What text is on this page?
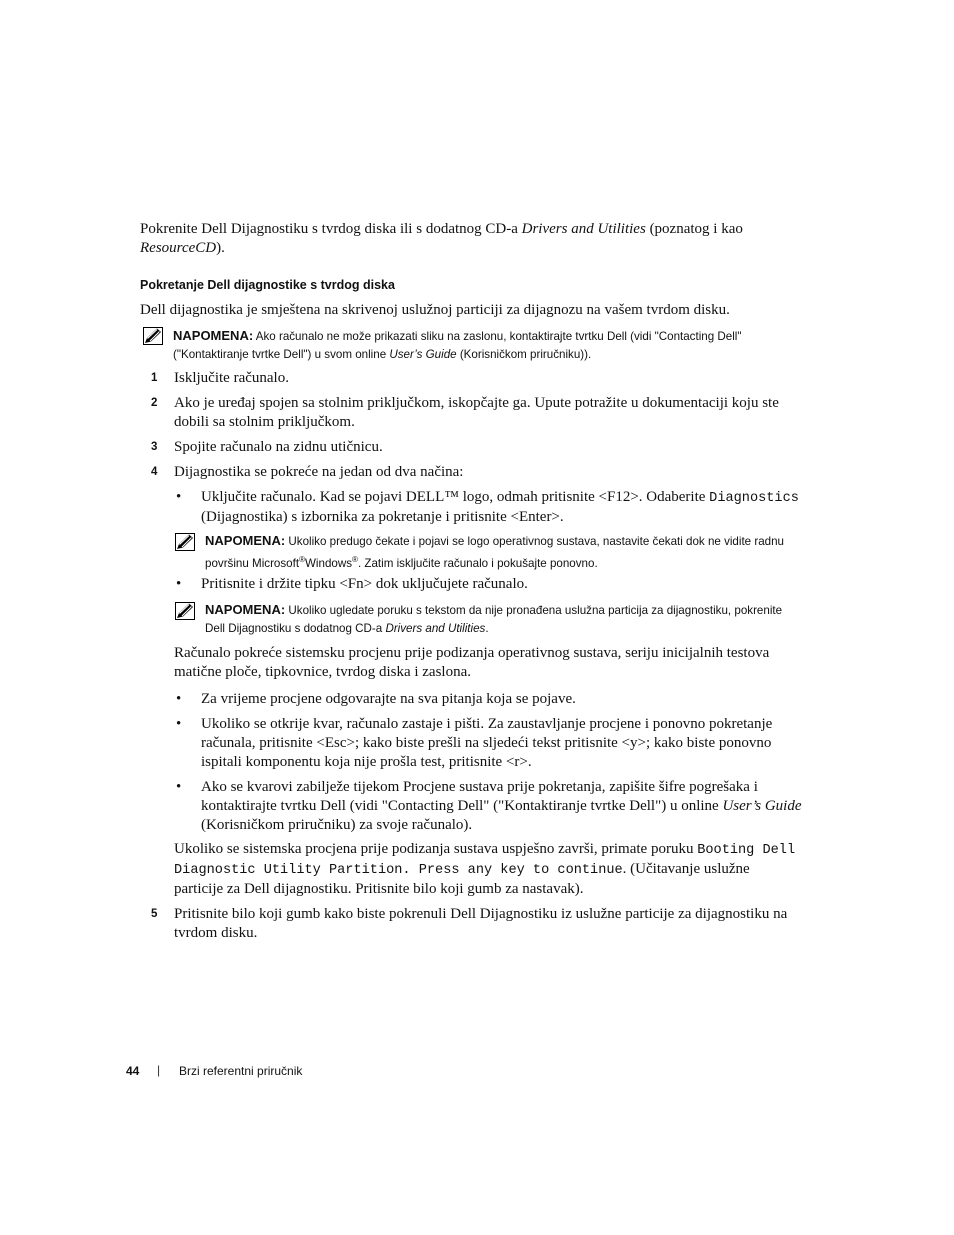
Pokrenite Dell Dijagnostiku s tvrdog diska ili s dodatnog CD-a Drivers and Utilities (poznatog i kao
ResourceCD).
Pokretanje Dell dijagnostike s tvrdog diska
Dell dijagnostika je smještena na skrivenoj uslužnoj particiji za dijagnozu na vašem tvrdom disku.
NAPOMENA: Ako računalo ne može prikazati sliku na zaslonu, kontaktirajte tvrtku Dell (vidi "Contacting Dell"
("Kontaktiranje tvrtke Dell") u svom online User’s Guide (Korisničkom priručniku)).
1 Isključite računalo.
2 Ako je uređaj spojen sa stolnim priključkom, iskopčajte ga. Upute potražite u dokumentaciji koju ste
dobili sa stolnim priključkom.
3 Spojite računalo na zidnu utičnicu.
4 Dijagnostika se pokreće na jedan od dva načina:
• Uključite računalo. Kad se pojavi DELL™ logo, odmah pritisnite <F12>. Odaberite Diagnostics
(Dijagnostika) s izbornika za pokretanje i pritisnite <Enter>.
NAPOMENA: Ukoliko predugo čekate i pojavi se logo operativnog sustava, nastavite čekati dok ne vidite radnu
površinu Microsoft®Windows®. Zatim isključite računalo i pokušajte ponovno.
• Pritisnite i držite tipku <Fn> dok uključujete računalo.
NAPOMENA: Ukoliko ugledate poruku s tekstom da nije pronađena uslužna particija za dijagnostiku, pokrenite
Dell Dijagnostiku s dodatnog CD-a Drivers and Utilities.
Računalo pokreće sistemsku procjenu prije podizanja operativnog sustava, seriju inicijalnih testova
matične ploče, tipkovnice, tvrdog diska i zaslona.
• Za vrijeme procjene odgovarajte na sva pitanja koja se pojave.
• Ukoliko se otkrije kvar, računalo zastaje i pišti. Za zaustavljanje procjene i ponovno pokretanje
računala, pritisnite <Esc>; kako biste prešli na sljedeći tekst pritisnite <y>; kako biste ponovno
ispitali komponentu koja nije prošla test, pritisnite <r>.
• Ako se kvarovi zabilježe tijekom Procjene sustava prije pokretanja, zapišite šifre pogrešaka i
kontaktirajte tvrtku Dell (vidi "Contacting Dell" ("Kontaktiranje tvrtke Dell") u online User’s Guide
(Korisničkom priručniku) za svoje računalo).
Ukoliko se sistemska procjena prije podizanja sustava uspješno završi, primate poruku Booting Dell
Diagnostic Utility Partition. Press any key to continue. (Učitavanje uslužne
particije za Dell dijagnostiku. Pritisnite bilo koji gumb za nastavak).
5 Pritisnite bilo koji gumb kako biste pokrenuli Dell Dijagnostiku iz uslužne particije za dijagnostiku na
tvrdom disku.
44 | Brzi referentni priručnik
